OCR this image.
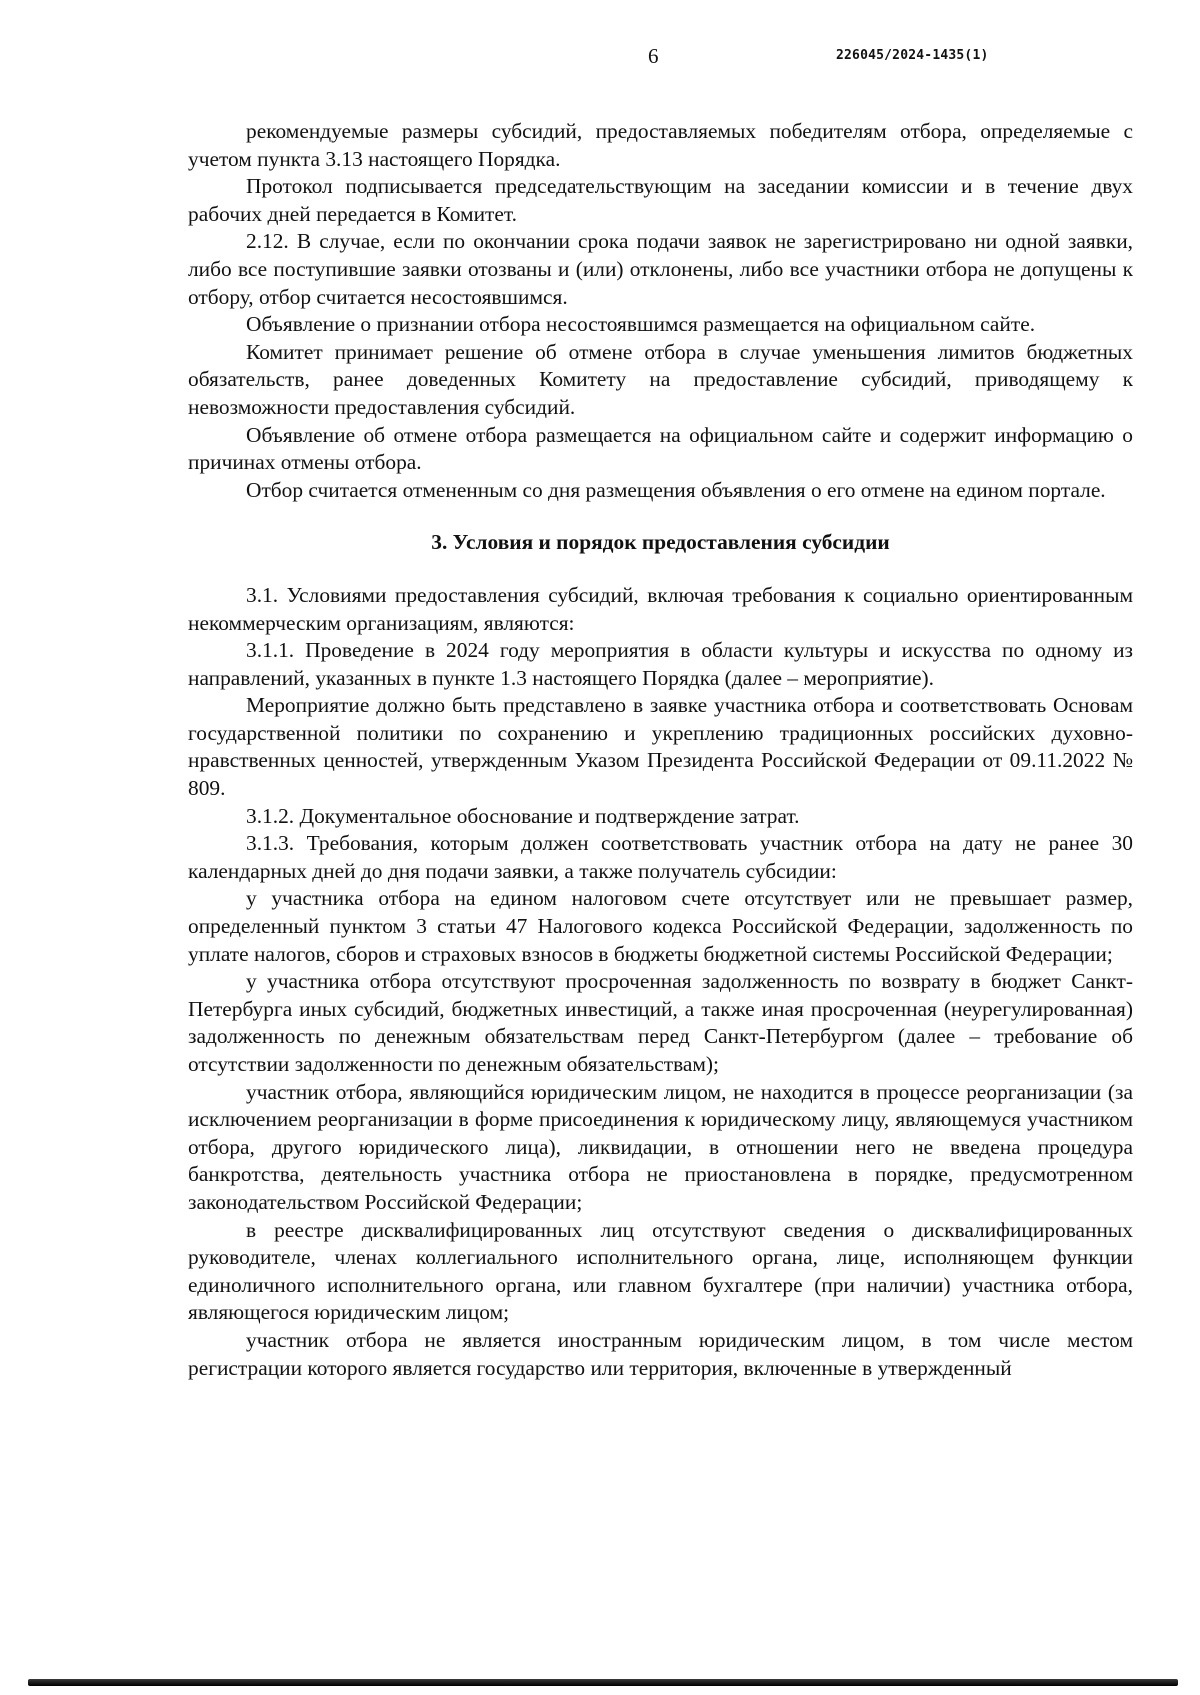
6	226045/2024-1435(1)

рекомендуемые размеры субсидий, предоставляемых победителям отбора, определяемые с учетом пункта 3.13 настоящего Порядка.

Протокол подписывается председательствующим на заседании комиссии и в течение двух рабочих дней передается в Комитет.

2.12. В случае, если по окончании срока подачи заявок не зарегистрировано ни одной заявки, либо все поступившие заявки отозваны и (или) отклонены, либо все участники отбора не допущены к отбору, отбор считается несостоявшимся.

Объявление о признании отбора несостоявшимся размещается на официальном сайте.

Комитет принимает решение об отмене отбора в случае уменьшения лимитов бюджетных обязательств, ранее доведенных Комитету на предоставление субсидий, приводящему к невозможности предоставления субсидий.

Объявление об отмене отбора размещается на официальном сайте и содержит информацию о причинах отмены отбора.

Отбор считается отмененным со дня размещения объявления о его отмене на едином портале.

3. Условия и порядок предоставления субсидии

3.1. Условиями предоставления субсидий, включая требования к социально ориентированным некоммерческим организациям, являются:

3.1.1. Проведение в 2024 году мероприятия в области культуры и искусства по одному из направлений, указанных в пункте 1.3 настоящего Порядка (далее – мероприятие).

Мероприятие должно быть представлено в заявке участника отбора и соответствовать Основам государственной политики по сохранению и укреплению традиционных российских духовно-нравственных ценностей, утвержденным Указом Президента Российской Федерации от 09.11.2022 № 809.

3.1.2. Документальное обоснование и подтверждение затрат.

3.1.3. Требования, которым должен соответствовать участник отбора на дату не ранее 30 календарных дней до дня подачи заявки, а также получатель субсидии:

у участника отбора на едином налоговом счете отсутствует или не превышает размер, определенный пунктом 3 статьи 47 Налогового кодекса Российской Федерации, задолженность по уплате налогов, сборов и страховых взносов в бюджеты бюджетной системы Российской Федерации;

у участника отбора отсутствуют просроченная задолженность по возврату в бюджет Санкт-Петербурга иных субсидий, бюджетных инвестиций, а также иная просроченная (неурегулированная) задолженность по денежным обязательствам перед Санкт-Петербургом (далее – требование об отсутствии задолженности по денежным обязательствам);

участник отбора, являющийся юридическим лицом, не находится в процессе реорганизации (за исключением реорганизации в форме присоединения к юридическому лицу, являющемуся участником отбора, другого юридического лица), ликвидации, в отношении него не введена процедура банкротства, деятельность участника отбора не приостановлена в порядке, предусмотренном законодательством Российской Федерации;

в реестре дисквалифицированных лиц отсутствуют сведения о дисквалифицированных руководителе, членах коллегиального исполнительного органа, лице, исполняющем функции единоличного исполнительного органа, или главном бухгалтере (при наличии) участника отбора, являющегося юридическим лицом;

участник отбора не является иностранным юридическим лицом, в том числе местом регистрации которого является государство или территория, включенные в утвержденный
